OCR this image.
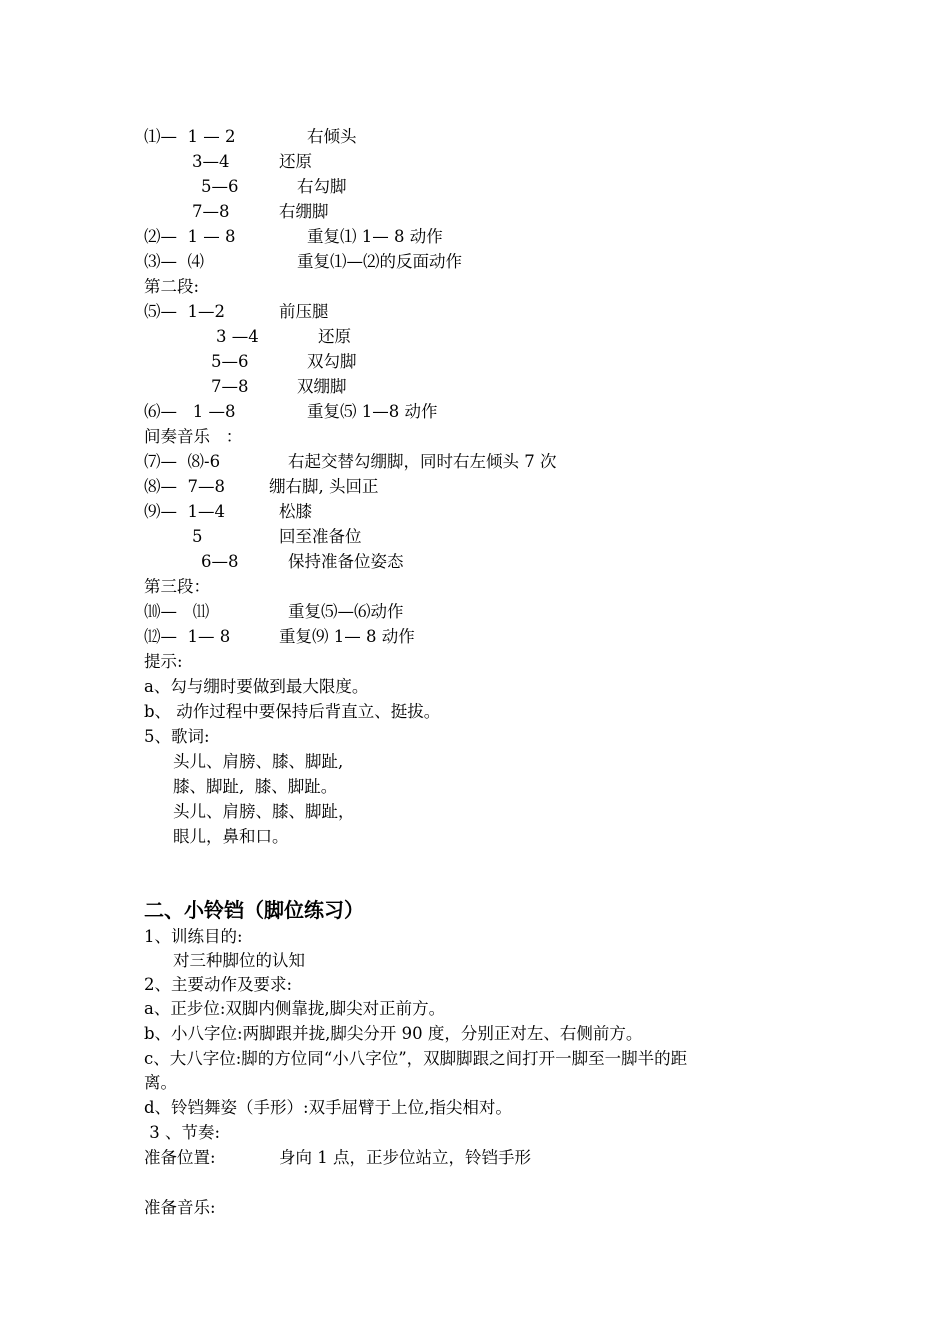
⑴—  1 — 2	右倾头
3—4	还原
5—6	右勾脚
7—8	右绷脚
⑵—  1 — 8	重复⑴ 1— 8 动作
⑶—  ⑷	重复⑴—⑵的反面动作
第二段:
⑸—  1—2	前压腿
3 —4	还原
5—6	双勾脚
7—8	双绷脚
⑹—   1 —8	重复⑸ 1—8 动作
间奏音乐   ：
⑺—  ⑻-6	右起交替勾绷脚，同时右左倾头 7 次
⑻—  7—8	绷右脚, 头回正
⑼—  1—4	松膝
5	回至准备位
6—8	保持准备位姿态
第三段：
⑽—   ⑾	重复⑸—⑹动作
⑿—  1— 8	重复⑼ 1— 8 动作
提示:
a、勾与绷时要做到最大限度。
b、 动作过程中要保持后背直立、挺拔。
5、歌词:
头儿、肩膀、膝、脚趾,
膝、脚趾,  膝、脚趾。
头儿、肩膀、膝、脚趾，
眼儿，鼻和口。
二、小铃铛（脚位练习）
1、训练目的:
对三种脚位的认知
2、主要动作及要求:
a、正步位:双脚内侧靠拢,脚尖对正前方。
b、小八字位:两脚跟并拢,脚尖分开 90 度，分别正对左、右侧前方。
c、大八字位:脚的方位同“小八字位”，双脚脚跟之间打开一脚至一脚半的距
离。
d、铃铛舞姿（手形）:双手屈臂于上位,指尖相对。
3 、节奏:
准备位置:	身向 1 点，正步位站立，铃铛手形
准备音乐:
